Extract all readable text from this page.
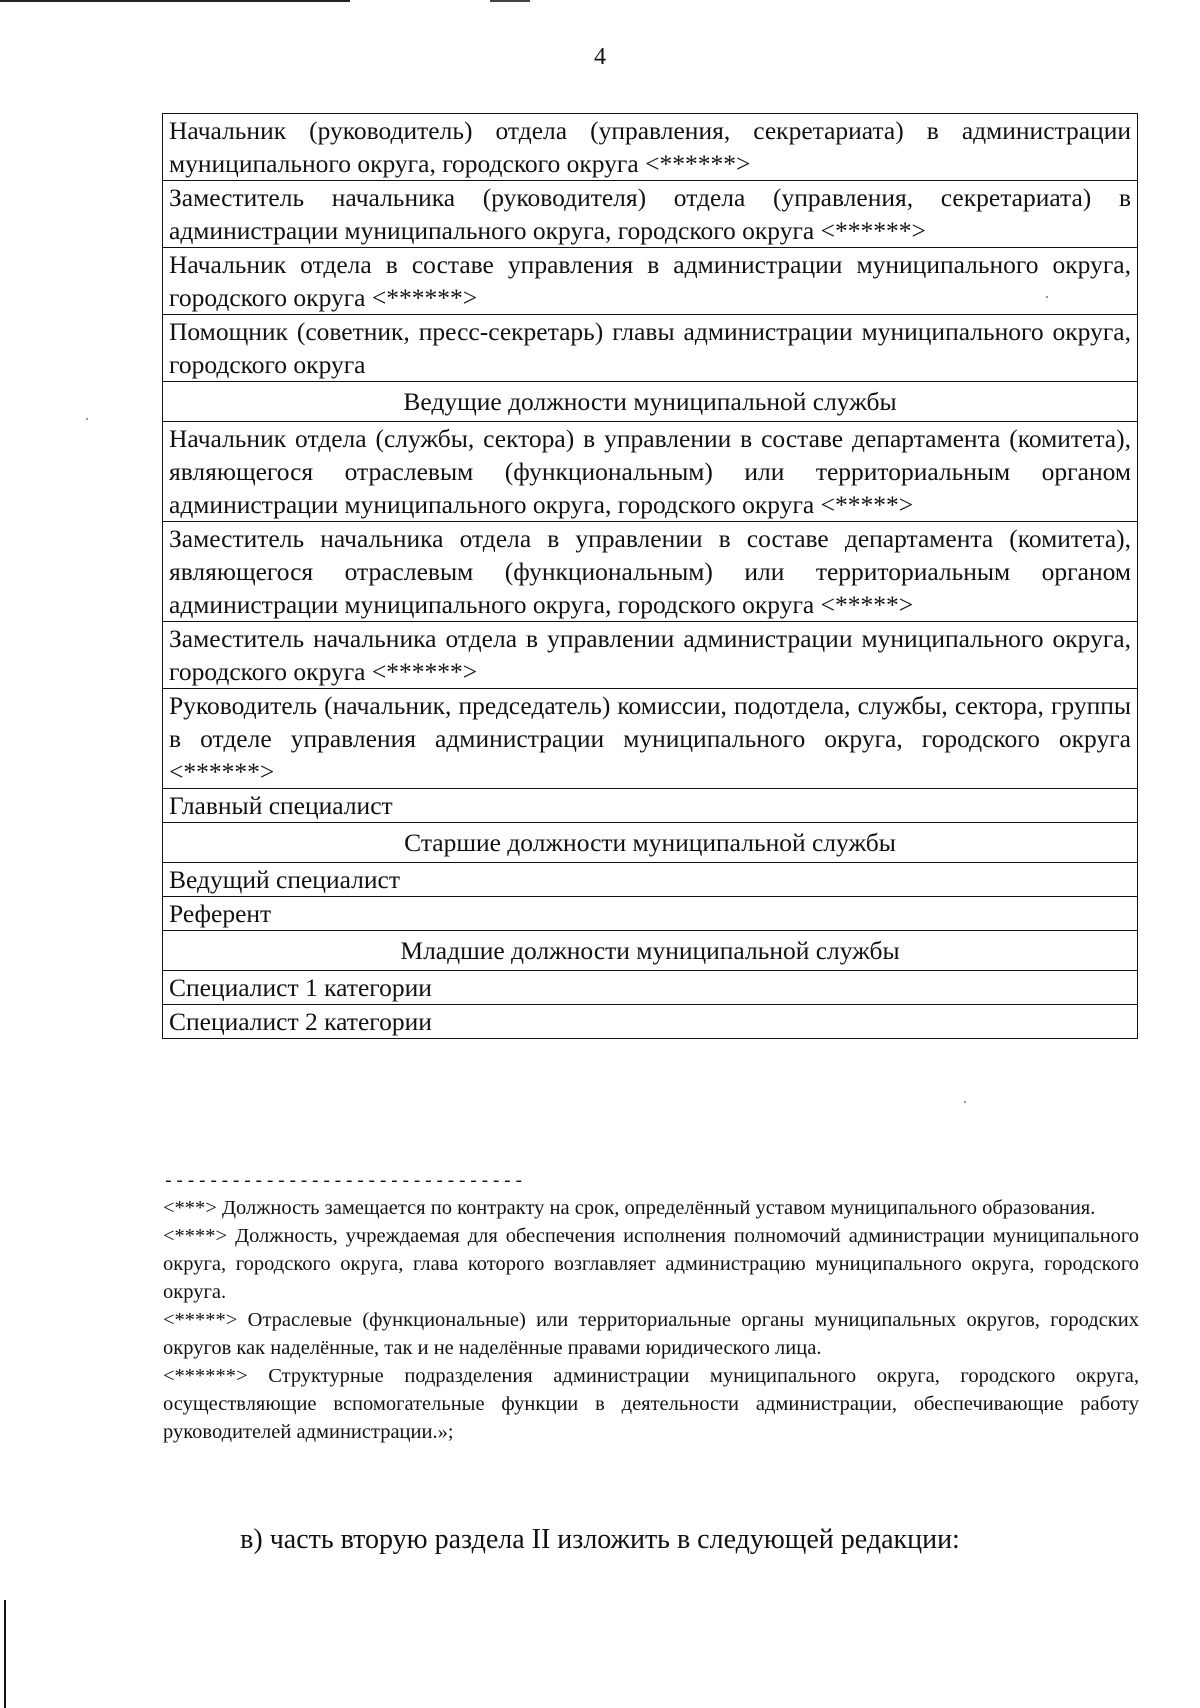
4
Начальник (руководитель) отдела (управления, секретариата) в администрации муниципального округа, городского округа <******>
Заместитель начальника (руководителя) отдела (управления, секретариата) в администрации муниципального округа, городского округа <******>
Начальник отдела в составе управления в администрации муниципального округа, городского округа <******>
Помощник (советник, пресс-секретарь) главы администрации муниципального округа, городского округа
Ведущие должности муниципальной службы
Начальник отдела (службы, сектора) в управлении в составе департамента (комитета), являющегося отраслевым (функциональным) или территориальным органом администрации муниципального округа, городского округа <*****>
Заместитель начальника отдела в управлении в составе департамента (комитета), являющегося отраслевым (функциональным) или территориальным органом администрации муниципального округа, городского округа <*****>
Заместитель начальника отдела в управлении администрации муниципального округа, городского округа <******>
Руководитель (начальник, председатель) комиссии, подотдела, службы, сектора, группы в отделе управления администрации муниципального округа, городского округа <******>
Главный специалист
Старшие должности муниципальной службы
Ведущий специалист
Референт
Младшие должности муниципальной службы
Специалист 1 категории
Специалист 2 категории
--------------------------------

<***> Должность замещается по контракту на срок, определённый уставом муниципального образования.

<****> Должность, учреждаемая для обеспечения исполнения полномочий администрации муниципального округа, городского округа, глава которого возглавляет администрацию муниципального округа, городского округа.

<*****> Отраслевые (функциональные) или территориальные органы муниципальных округов, городских округов как наделённые, так и не наделённые правами юридического лица.

<******> Структурные подразделения администрации муниципального округа, городского округа, осуществляющие вспомогательные функции в деятельности администрации, обеспечивающие работу руководителей администрации.»;

в) часть вторую раздела II изложить в следующей редакции:
